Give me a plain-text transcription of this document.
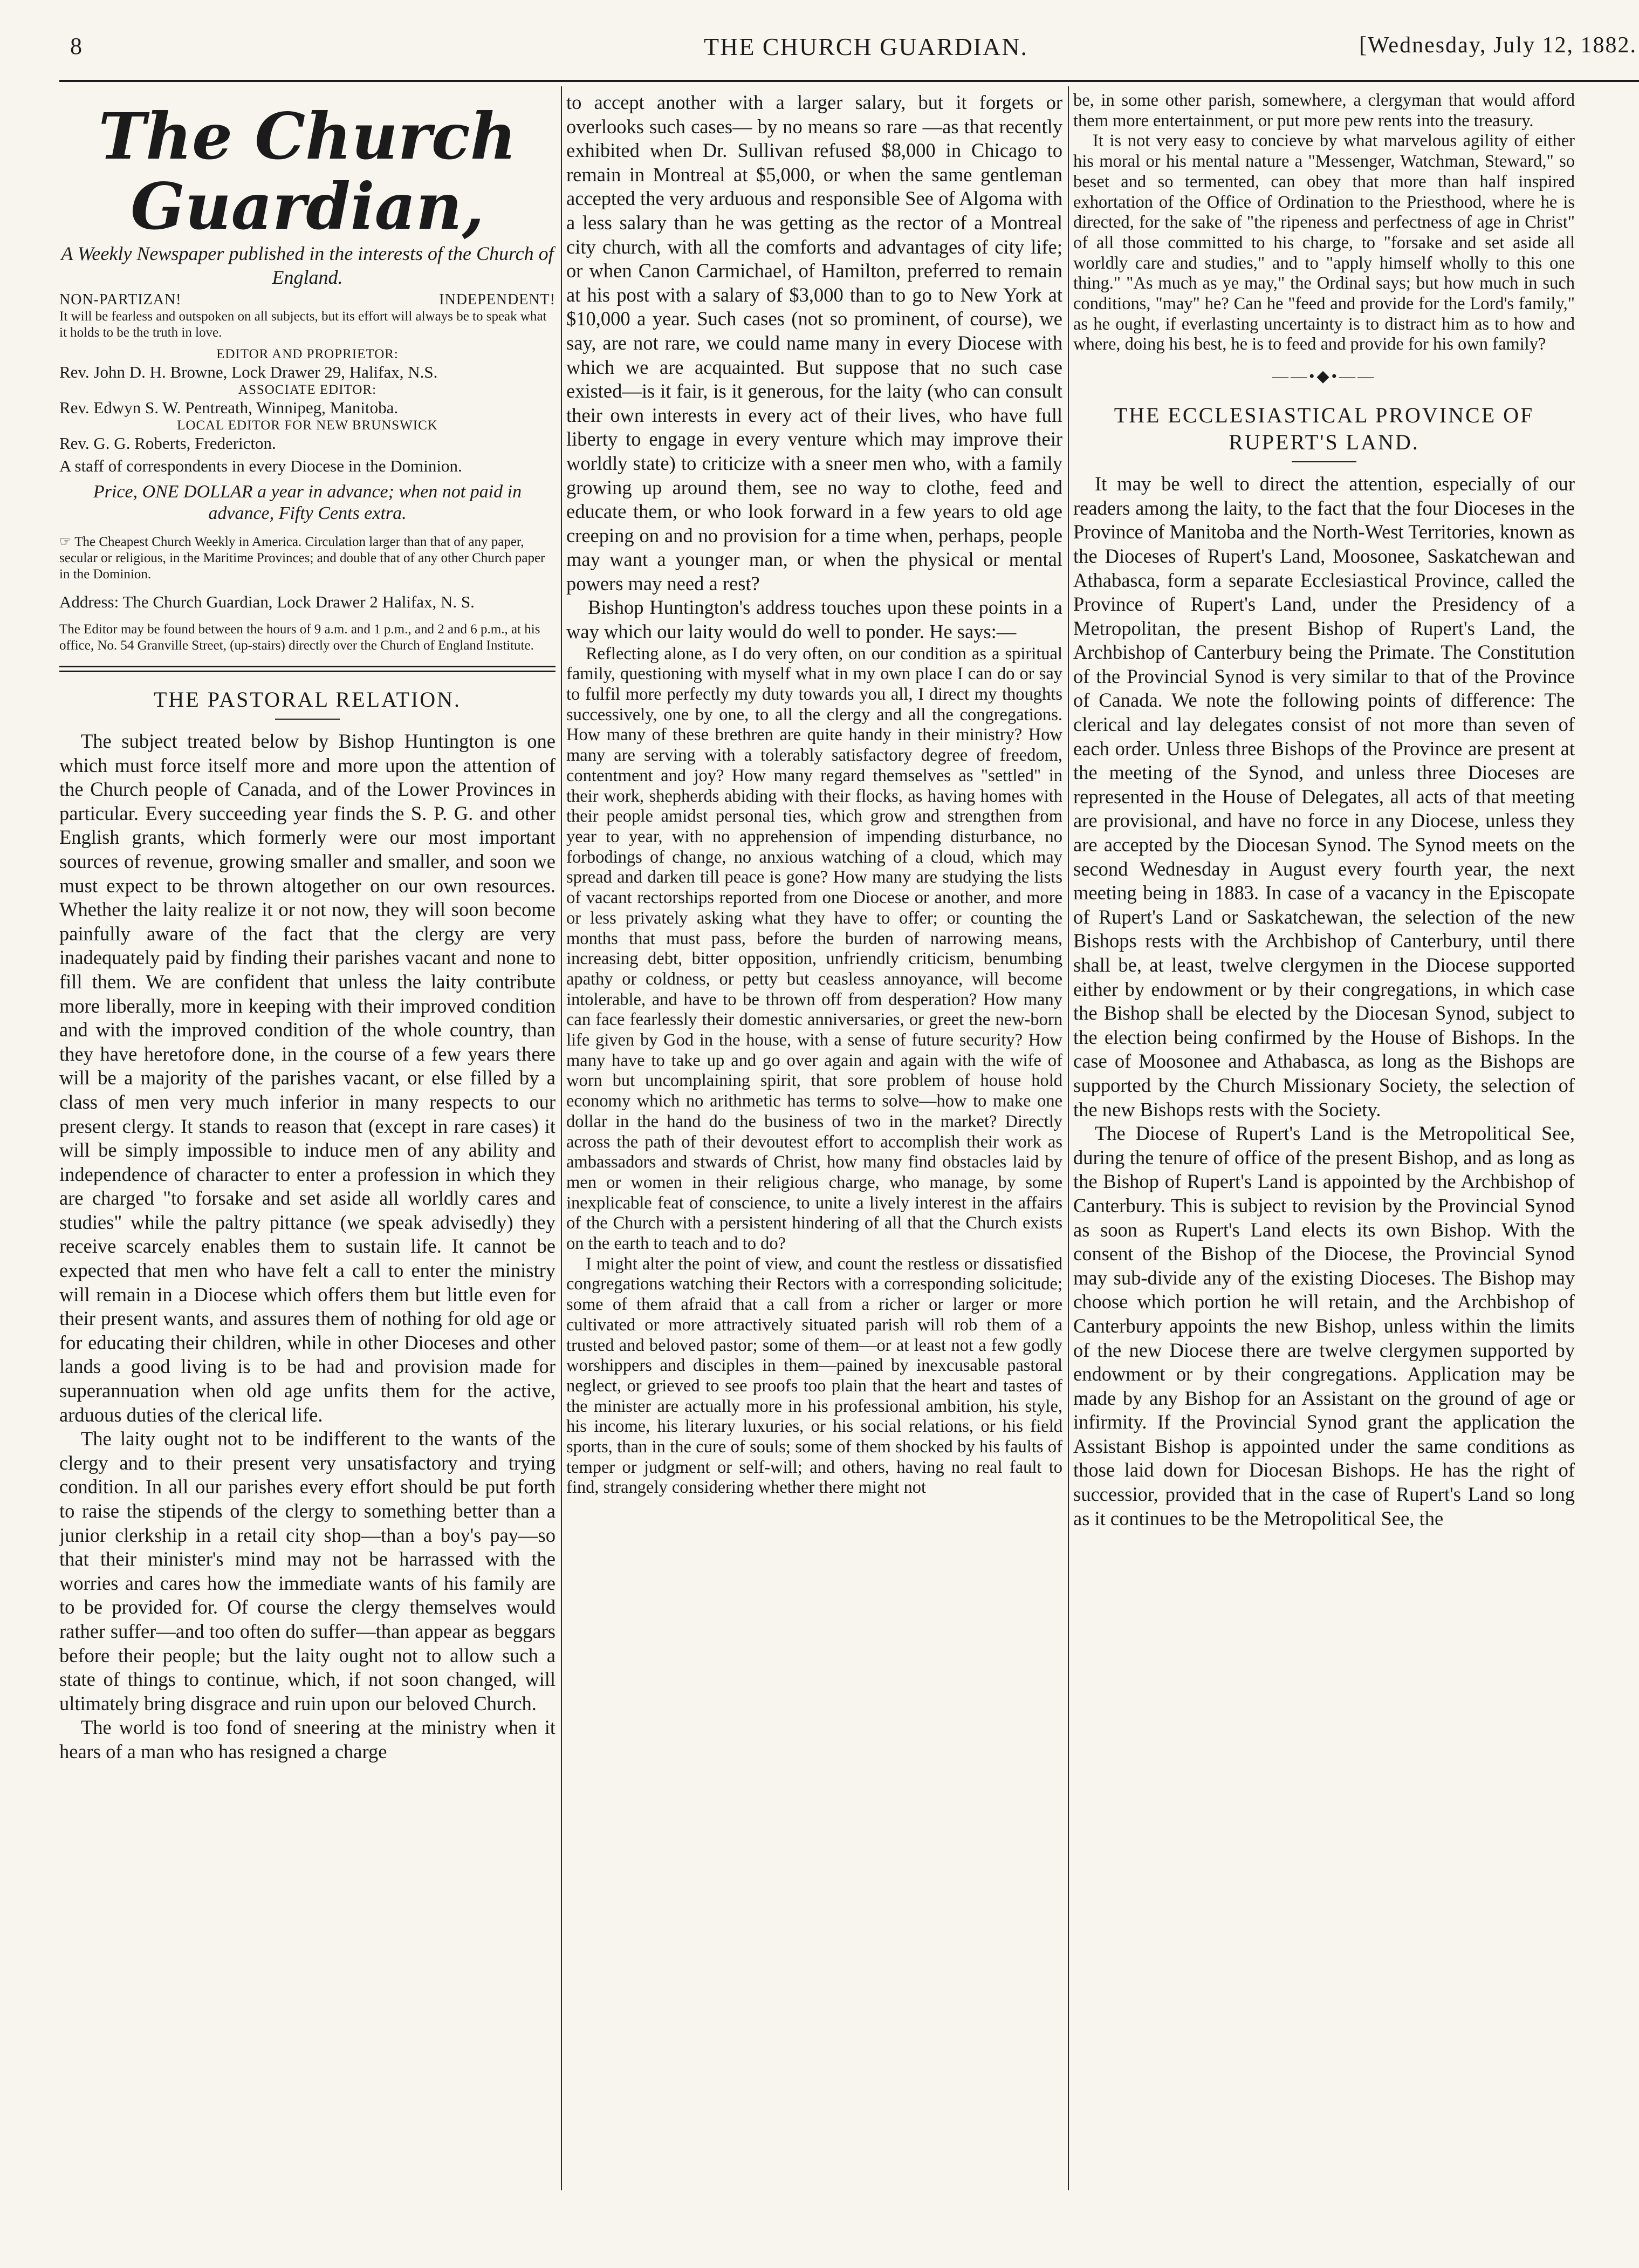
8	THE CHURCH GUARDIAN.	[Wednesday, July 12, 1882.
The Church Guardian,
A Weekly Newspaper published in the interests of the Church of England.
NON-PARTIZAN!	INDEPENDENT!
It will be fearless and outspoken on all subjects, but its effort will always be to speak what it holds to be the truth in love.
EDITOR AND PROPRIETOR:
Rev. John D. H. Browne, Lock Drawer 29, Halifax, N.S.
ASSOCIATE EDITOR:
Rev. Edwyn S. W. Pentreath, Winnipeg, Manitoba.
LOCAL EDITOR FOR NEW BRUNSWICK
Rev. G. G. Roberts, Fredericton.
A staff of correspondents in every Diocese in the Dominion.
Price, ONE DOLLAR a year in advance; when not paid in advance, Fifty Cents extra.
☞ The Cheapest Church Weekly in America. Circulation larger than that of any paper, secular or religious, in the Maritime Provinces; and double that of any other Church paper in the Dominion.
Address: The Church Guardian, Lock Drawer 2 Halifax, N. S.
The Editor may be found between the hours of 9 a.m. and 1 p.m., and 2 and 6 p.m., at his office, No. 54 Granville Street, (up-stairs) directly over the Church of England Institute.
THE PASTORAL RELATION.

The subject treated below by Bishop Huntington is one which must force itself more and more upon the attention of the Church people of Canada, and of the Lower Provinces in particular. Every succeeding year finds the S. P. G. and other English grants, which formerly were our most important sources of revenue, growing smaller and smaller, and soon we must expect to be thrown altogether on our own resources. Whether the laity realize it or not now, they will soon become painfully aware of the fact that the clergy are very inadequately paid by finding their parishes vacant and none to fill them. We are confident that unless the laity contribute more liberally, more in keeping with their improved condition and with the improved condition of the whole country, than they have heretofore done, in the course of a few years there will be a majority of the parishes vacant, or else filled by a class of men very much inferior in many respects to our present clergy. It stands to reason that (except in rare cases) it will be simply impossible to induce men of any ability and independence of character to enter a profession in which they are charged "to forsake and set aside all worldly cares and studies" while the paltry pittance (we speak advisedly) they receive scarcely enables them to sustain life. It cannot be expected that men who have felt a call to enter the ministry will remain in a Diocese which offers them but little even for their present wants, and assures them of nothing for old age or for educating their children, while in other Dioceses and other lands a good living is to be had and provision made for superannuation when old age unfits them for the active, arduous duties of the clerical life.

The laity ought not to be indifferent to the wants of the clergy and to their present very unsatisfactory and trying condition. In all our parishes every effort should be put forth to raise the stipends of the clergy to something better than a junior clerkship in a retail city shop—than a boy's pay—so that their minister's mind may not be harrassed with the worries and cares how the immediate wants of his family are to be provided for. Of course the clergy themselves would rather suffer—and too often do suffer—than appear as beggars before their people; but the laity ought not to allow such a state of things to continue, which, if not soon changed, will ultimately bring disgrace and ruin upon our beloved Church.

The world is too fond of sneering at the ministry when it hears of a man who has resigned a charge

to accept another with a larger salary, but it forgets or overlooks such cases— by no means so rare —as that recently exhibited when Dr. Sullivan refused $8,000 in Chicago to remain in Montreal at $5,000, or when the same gentleman accepted the very arduous and responsible See of Algoma with a less salary than he was getting as the rector of a Montreal city church, with all the comforts and advantages of city life; or when Canon Carmichael, of Hamilton, preferred to remain at his post with a salary of $3,000 than to go to New York at $10,000 a year. Such cases (not so prominent, of course), we say, are not rare, we could name many in every Diocese with which we are acquainted. But suppose that no such case existed—is it fair, is it generous, for the laity (who can consult their own interests in every act of their lives, who have full liberty to engage in every venture which may improve their worldly state) to criticize with a sneer men who, with a family growing up around them, see no way to clothe, feed and educate them, or who look forward in a few years to old age creeping on and no provision for a time when, perhaps, people may want a younger man, or when the physical or mental powers may need a rest?

Bishop Huntington's address touches upon these points in a way which our laity would do well to ponder. He says:—

Reflecting alone, as I do very often, on our condition as a spiritual family, questioning with myself what in my own place I can do or say to fulfil more perfectly my duty towards you all, I direct my thoughts successively, one by one, to all the clergy and all the congregations. How many of these brethren are quite handy in their ministry? How many are serving with a tolerably satisfactory degree of freedom, contentment and joy? How many regard themselves as "settled" in their work, shepherds abiding with their flocks, as having homes with their people amidst personal ties, which grow and strengthen from year to year, with no apprehension of impending disturbance, no forbodings of change, no anxious watching of a cloud, which may spread and darken till peace is gone? How many are studying the lists of vacant rectorships reported from one Diocese or another, and more or less privately asking what they have to offer; or counting the months that must pass, before the burden of narrowing means, increasing debt, bitter opposition, unfriendly criticism, benumbing apathy or coldness, or petty but ceasless annoyance, will become intolerable, and have to be thrown off from desperation? How many can face fearlessly their domestic anniversaries, or greet the new-born life given by God in the house, with a sense of future security? How many have to take up and go over again and again with the wife of worn but uncomplaining spirit, that sore problem of house hold economy which no arithmetic has terms to solve—how to make one dollar in the hand do the business of two in the market? Directly across the path of their devoutest effort to accomplish their work as ambassadors and stwards of Christ, how many find obstacles laid by men or women in their religious charge, who manage, by some inexplicable feat of conscience, to unite a lively interest in the affairs of the Church with a persistent hindering of all that the Church exists on the earth to teach and to do?

I might alter the point of view, and count the restless or dissatisfied congregations watching their Rectors with a corresponding solicitude; some of them afraid that a call from a richer or larger or more cultivated or more attractively situated parish will rob them of a trusted and beloved pastor; some of them—or at least not a few godly worshippers and disciples in them—pained by inexcusable pastoral neglect, or grieved to see proofs too plain that the heart and tastes of the minister are actually more in his professional ambition, his style, his income, his literary luxuries, or his social relations, or his field sports, than in the cure of souls; some of them shocked by his faults of temper or judgment or self-will; and others, having no real fault to find, strangely considering whether there might not

be, in some other parish, somewhere, a clergyman that would afford them more entertainment, or put more pew rents into the treasury.

It is not very easy to concieve by what marvelous agility of either his moral or his mental nature a "Messenger, Watchman, Steward," so beset and so termented, can obey that more than half inspired exhortation of the Office of Ordination to the Priesthood, where he is directed, for the sake of "the ripeness and perfectness of age in Christ" of all those committed to his charge, to "forsake and set aside all worldly care and studies," and to "apply himself wholly to this one thing." "As much as ye may," the Ordinal says; but how much in such conditions, "may" he? Can he "feed and provide for the Lord's family," as he ought, if everlasting uncertainty is to distract him as to how and where, doing his best, he is to feed and provide for his own family?

——•◆•——
THE ECCLESIASTICAL PROVINCE OF
RUPERT'S LAND.

It may be well to direct the attention, especially of our readers among the laity, to the fact that the four Dioceses in the Province of Manitoba and the North-West Territories, known as the Dioceses of Rupert's Land, Moosonee, Saskatchewan and Athabasca, form a separate Ecclesiastical Province, called the Province of Rupert's Land, under the Presidency of a Metropolitan, the present Bishop of Rupert's Land, the Archbishop of Canterbury being the Primate. The Constitution of the Provincial Synod is very similar to that of the Province of Canada. We note the following points of difference: The clerical and lay delegates consist of not more than seven of each order. Unless three Bishops of the Province are present at the meeting of the Synod, and unless three Dioceses are represented in the House of Delegates, all acts of that meeting are provisional, and have no force in any Diocese, unless they are accepted by the Diocesan Synod. The Synod meets on the second Wednesday in August every fourth year, the next meeting being in 1883. In case of a vacancy in the Episcopate of Rupert's Land or Saskatchewan, the selection of the new Bishops rests with the Archbishop of Canterbury, until there shall be, at least, twelve clergymen in the Diocese supported either by endowment or by their congregations, in which case the Bishop shall be elected by the Diocesan Synod, subject to the election being confirmed by the House of Bishops. In the case of Moosonee and Athabasca, as long as the Bishops are supported by the Church Missionary Society, the selection of the new Bishops rests with the Society.

The Diocese of Rupert's Land is the Metropolitical See, during the tenure of office of the present Bishop, and as long as the Bishop of Rupert's Land is appointed by the Archbishop of Canterbury. This is subject to revision by the Provincial Synod as soon as Rupert's Land elects its own Bishop. With the consent of the Bishop of the Diocese, the Provincial Synod may sub-divide any of the existing Dioceses. The Bishop may choose which portion he will retain, and the Archbishop of Canterbury appoints the new Bishop, unless within the limits of the new Diocese there are twelve clergymen supported by endowment or by their congregations. Application may be made by any Bishop for an Assistant on the ground of age or infirmity. If the Provincial Synod grant the application the Assistant Bishop is appointed under the same conditions as those laid down for Diocesan Bishops. He has the right of successior, provided that in the case of Rupert's Land so long as it continues to be the Metropolitical See, the
